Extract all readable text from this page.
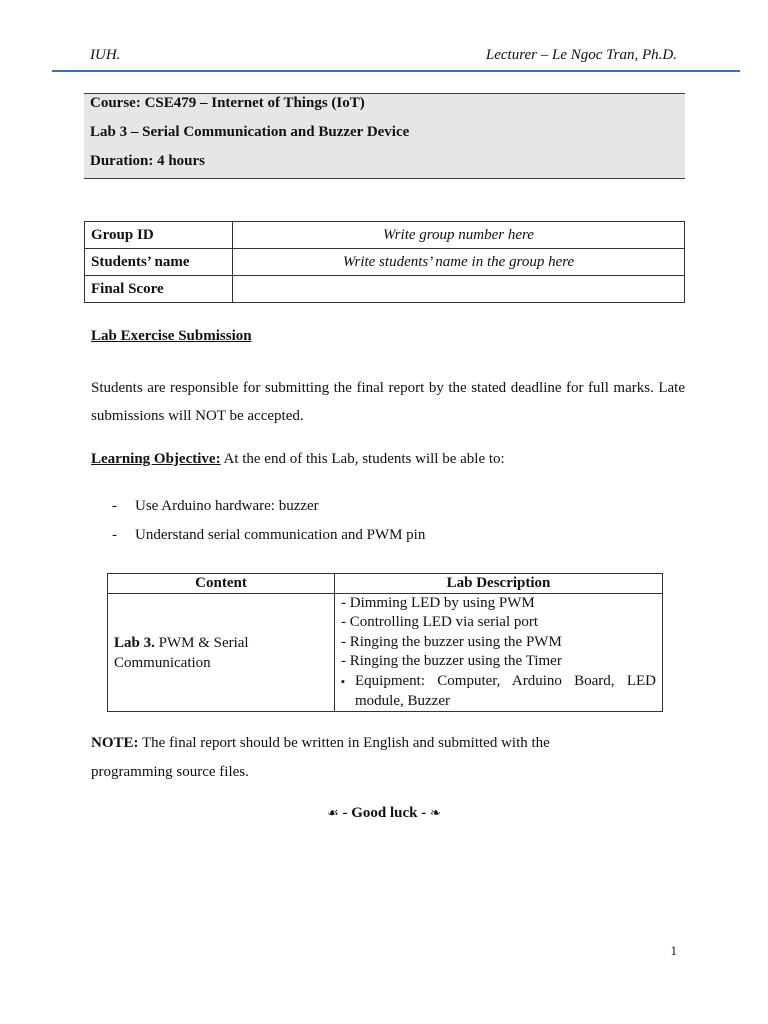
IUH.	Lecturer – Le Ngoc Tran, Ph.D.
Course: CSE479 – Internet of Things (IoT)
Lab 3 – Serial Communication and Buzzer Device
Duration: 4 hours
Group ID	Write group number here
Students’ name	Write students’ name in the group here
Final Score	
Lab Exercise Submission
Students are responsible for submitting the final report by the stated deadline for full marks. Late submissions will NOT be accepted.
Learning Objective: At the end of this Lab, students will be able to:
- Use Arduino hardware: buzzer
- Understand serial communication and PWM pin
Content	Lab Description
Lab 3. PWM & Serial Communication	- Dimming LED by using PWM
- Controlling LED via serial port
- Ringing the buzzer using the PWM
- Ringing the buzzer using the Timer
▪ Equipment: Computer, Arduino Board, LED module, Buzzer
NOTE: The final report should be written in English and submitted with the programming source files.
☙ - Good luck - ❧
1
